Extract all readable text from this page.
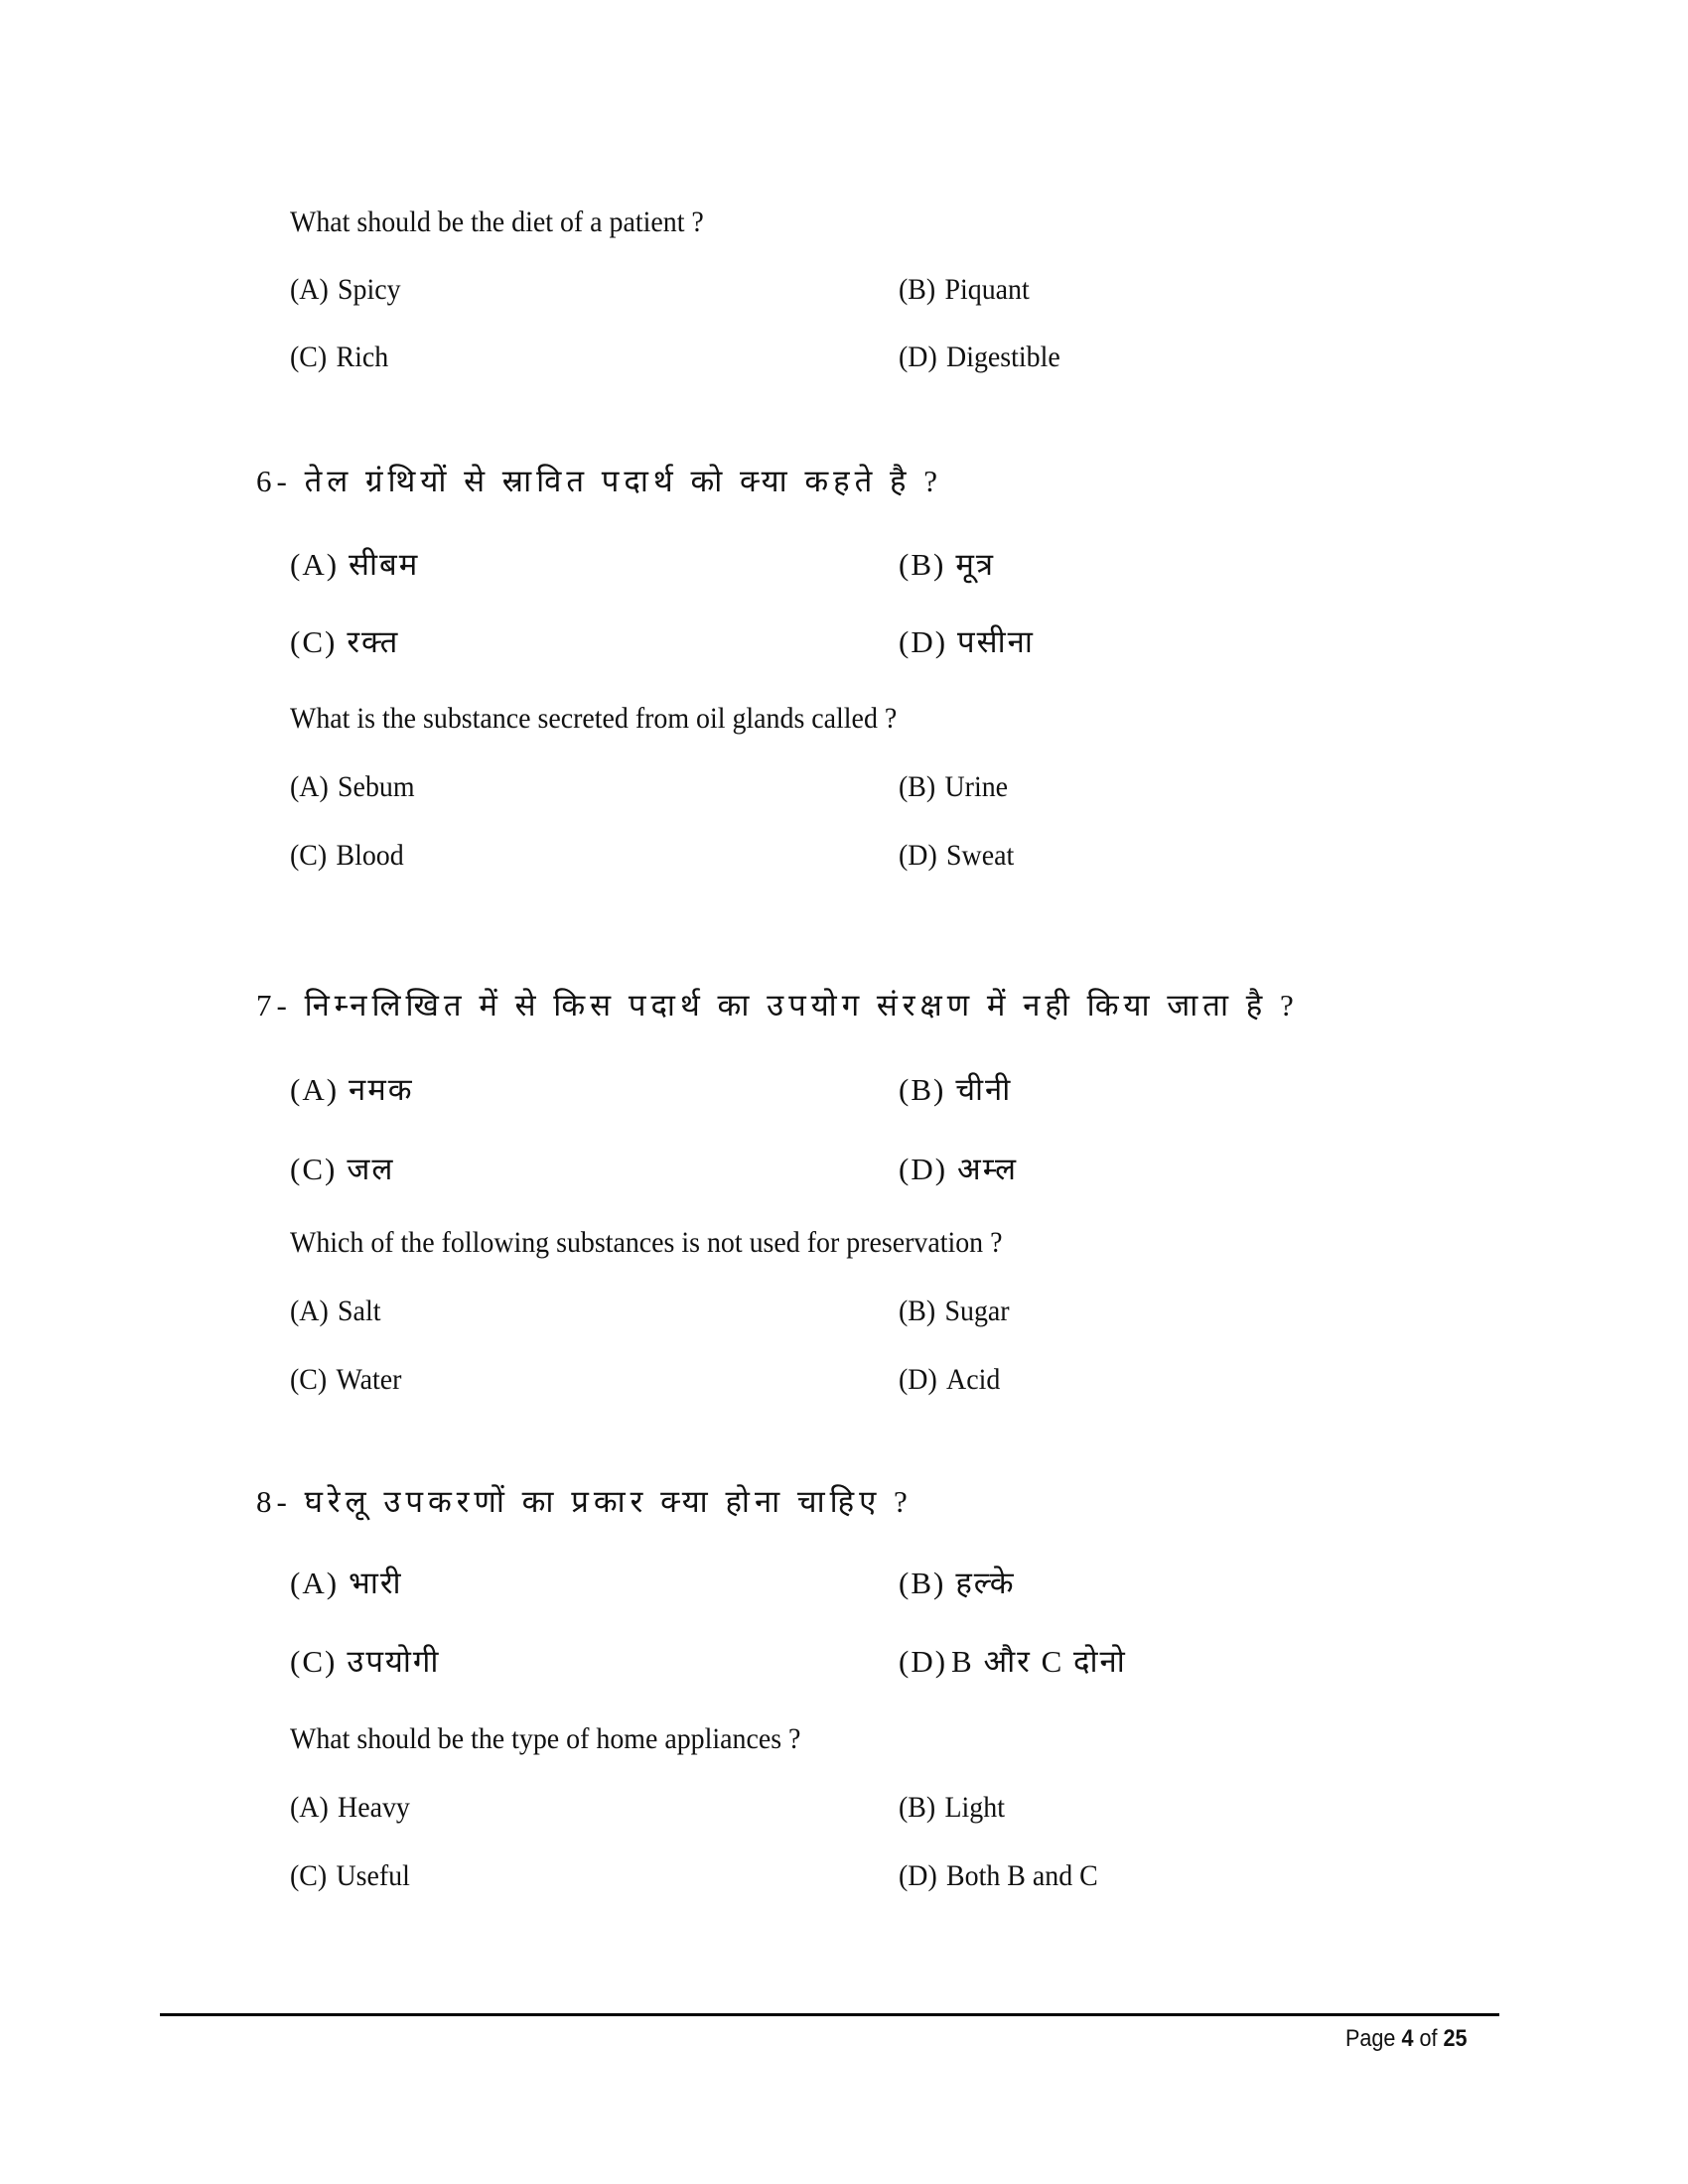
What should be the diet of a patient ?
(A) Spicy	(B) Piquant
(C) Rich	(D) Digestible
6- तेल ग्रंथियों से स्रावित पदार्थ को क्या कहते है ?
(A) सीबम	(B) मूत्र
(C) रक्त	(D) पसीना
What is the substance secreted from oil glands called ?
(A) Sebum	(B) Urine
(C) Blood	(D) Sweat
7- निम्नलिखित में से किस पदार्थ का उपयोग संरक्षण में नही किया जाता है ?
(A) नमक	(B) चीनी
(C) जल	(D) अम्ल
Which of the following substances is not used for preservation ?
(A) Salt	(B) Sugar
(C) Water	(D) Acid
8- घरेलू उपकरणों का प्रकार क्या होना चाहिए ?
(A) भारी	(B) हल्के
(C) उपयोगी	(D) B और C दोनो
What should be the type of home appliances ?
(A) Heavy	(B) Light
(C) Useful	(D) Both B and C
Page 4 of 25
